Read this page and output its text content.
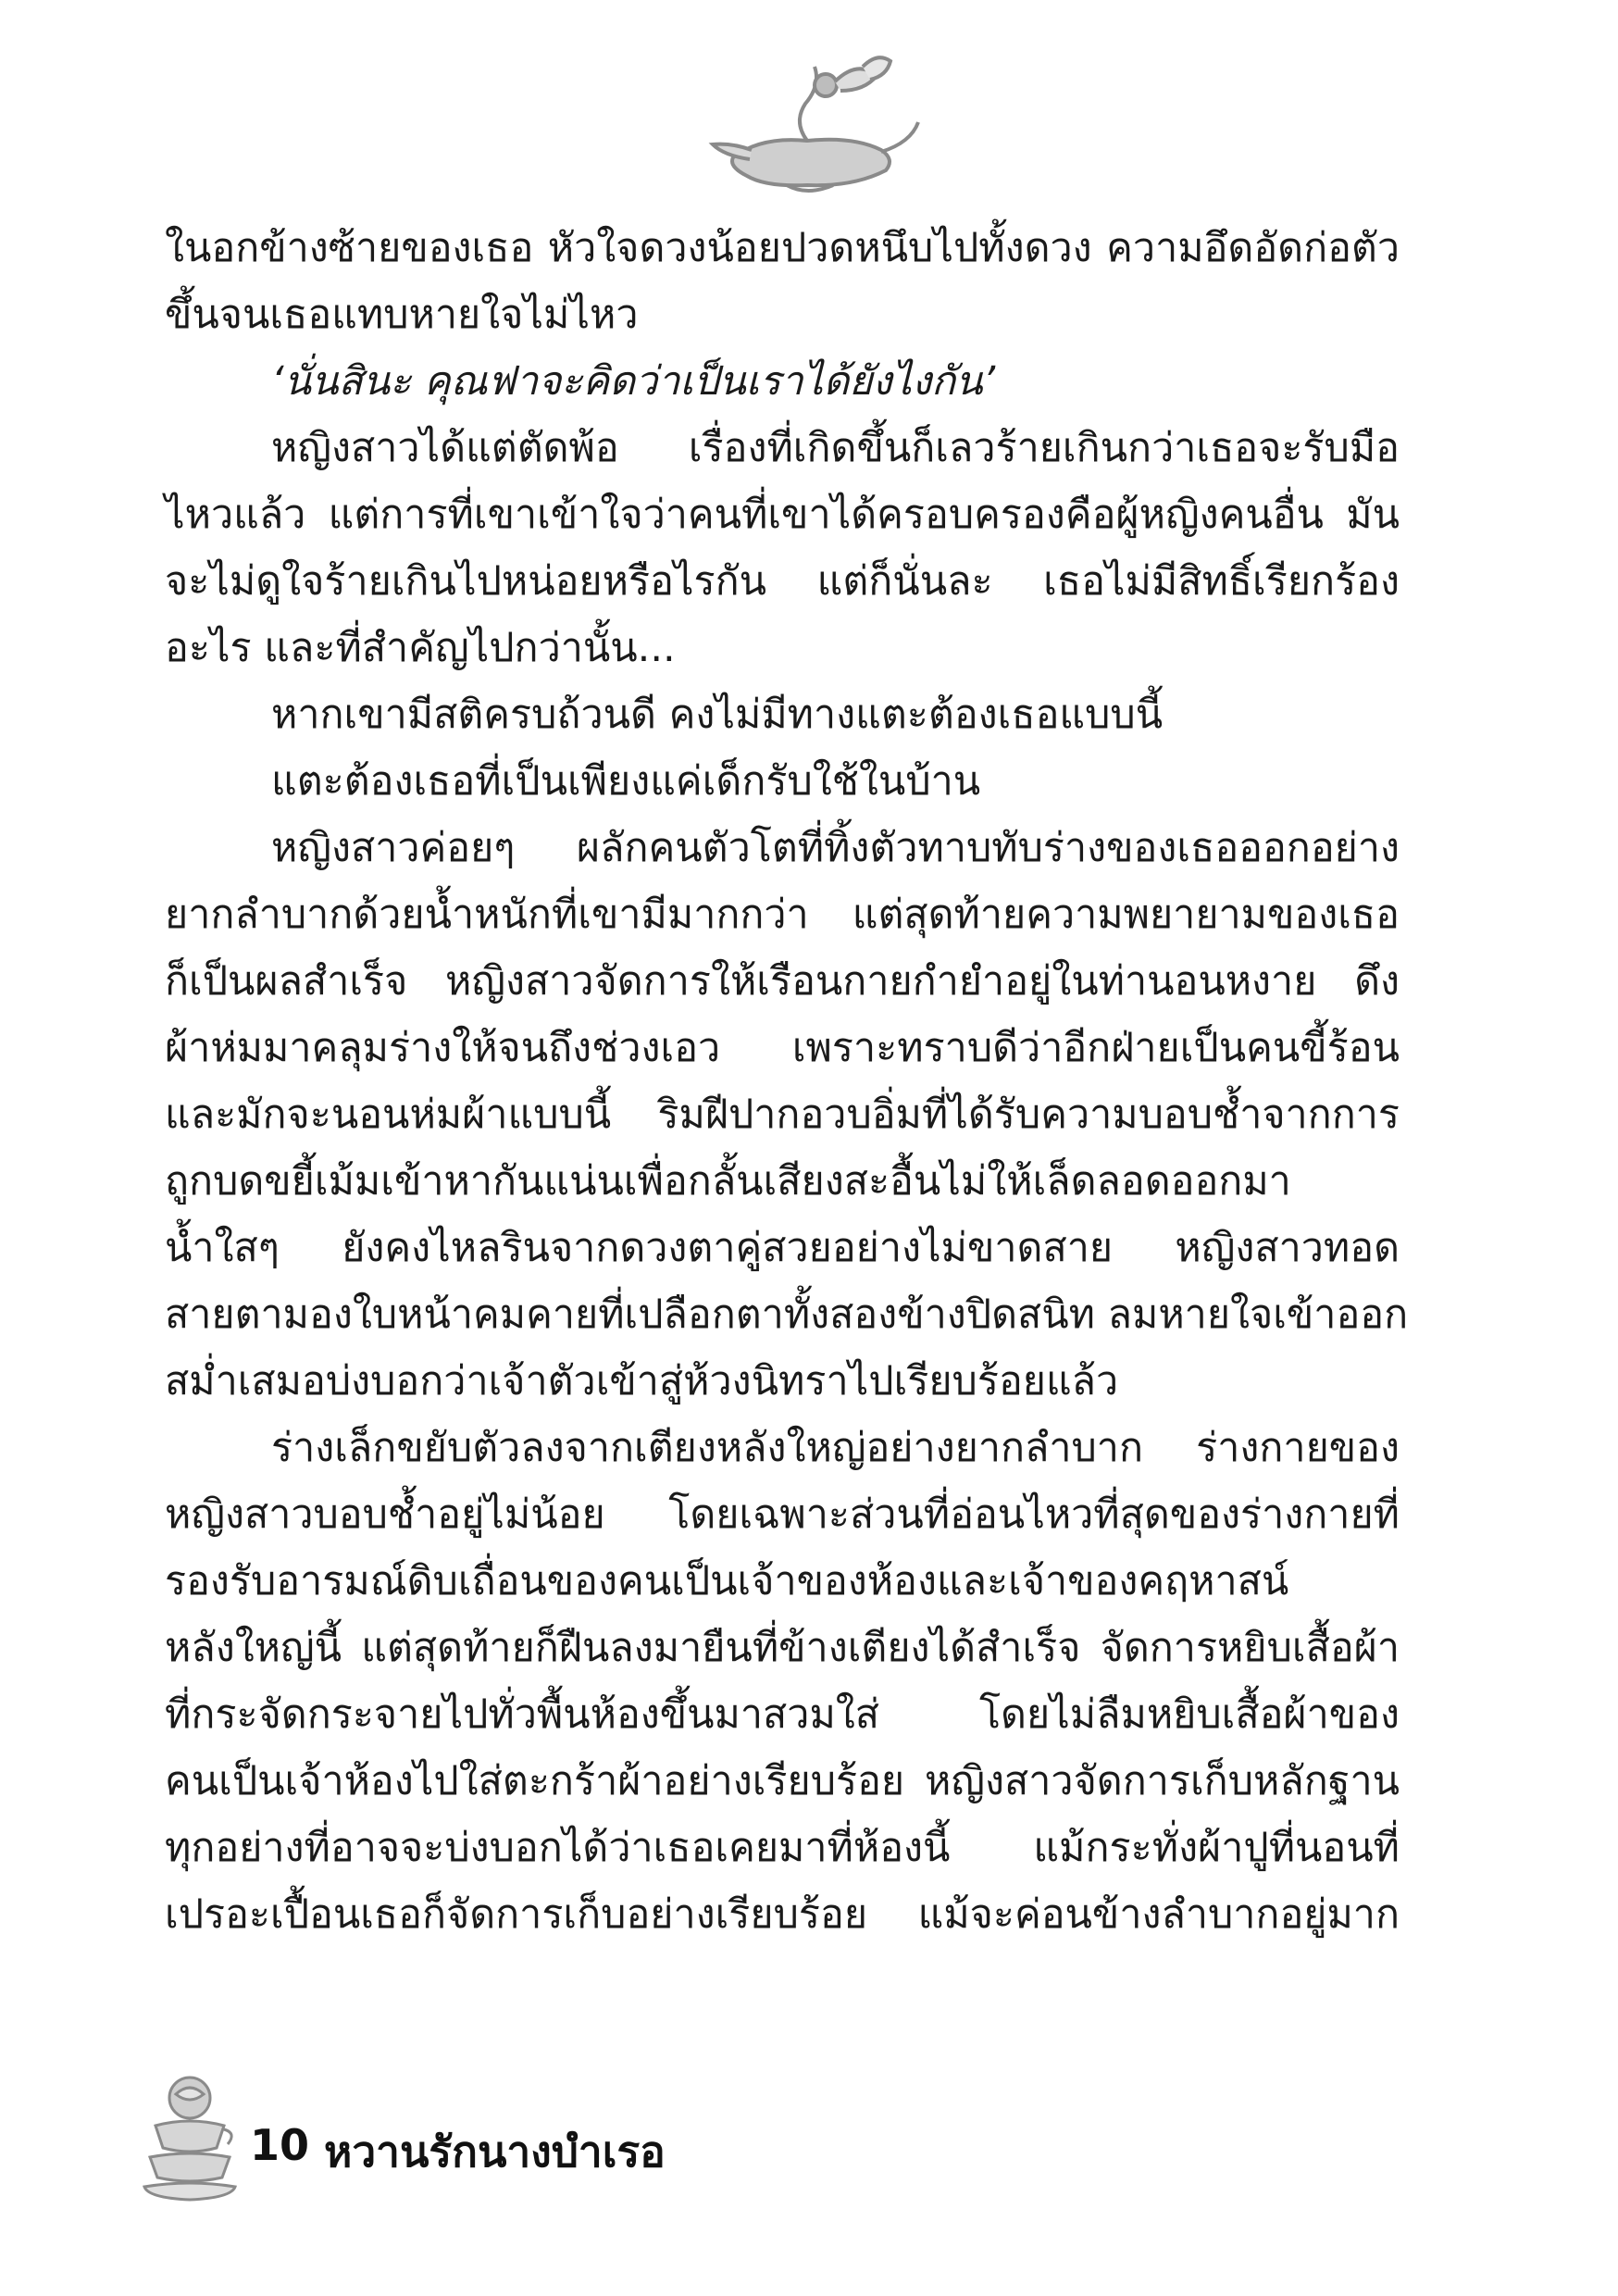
ในอกข้างซ้ายของเธอ หัวใจดวงน้อยปวดหนึบไปทั้งดวง ความอึดอัดก่อตัว
ขึ้นจนเธอแทบหายใจไม่ไหว
‘นั่นสินะ คุณฟาจะคิดว่าเป็นเราได้ยังไงกัน’
หญิงสาวได้แต่ตัดพ้อ เรื่องที่เกิดขึ้นก็เลวร้ายเกินกว่าเธอจะรับมือ
ไหวแล้ว แต่การที่เขาเข้าใจว่าคนที่เขาได้ครอบครองคือผู้หญิงคนอื่น มัน
จะไม่ดูใจร้ายเกินไปหน่อยหรือไรกัน แต่ก็นั่นละ เธอไม่มีสิทธิ์เรียกร้อง
อะไร และที่สำคัญไปกว่านั้น...
หากเขามีสติครบถ้วนดี คงไม่มีทางแตะต้องเธอแบบนี้
แตะต้องเธอที่เป็นเพียงแค่เด็กรับใช้ในบ้าน
หญิงสาวค่อยๆ ผลักคนตัวโตที่ทิ้งตัวทาบทับร่างของเธอออกอย่าง
ยากลำบากด้วยน้ำหนักที่เขามีมากกว่า แต่สุดท้ายความพยายามของเธอ
ก็เป็นผลสำเร็จ หญิงสาวจัดการให้เรือนกายกำยำอยู่ในท่านอนหงาย ดึง
ผ้าห่มมาคลุมร่างให้จนถึงช่วงเอว เพราะทราบดีว่าอีกฝ่ายเป็นคนขี้ร้อน
และมักจะนอนห่มผ้าแบบนี้ ริมฝีปากอวบอิ่มที่ได้รับความบอบช้ำจากการ
ถูกบดขยี้เม้มเข้าหากันแน่นเพื่อกลั้นเสียงสะอื้นไม่ให้เล็ดลอดออกมา
น้ำใสๆ ยังคงไหลรินจากดวงตาคู่สวยอย่างไม่ขาดสาย หญิงสาวทอด
สายตามองใบหน้าคมคายที่เปลือกตาทั้งสองข้างปิดสนิท ลมหายใจเข้าออก
สม่ำเสมอบ่งบอกว่าเจ้าตัวเข้าสู่ห้วงนิทราไปเรียบร้อยแล้ว
ร่างเล็กขยับตัวลงจากเตียงหลังใหญ่อย่างยากลำบาก ร่างกายของ
หญิงสาวบอบช้ำอยู่ไม่น้อย โดยเฉพาะส่วนที่อ่อนไหวที่สุดของร่างกายที่
รองรับอารมณ์ดิบเถื่อนของคนเป็นเจ้าของห้องและเจ้าของคฤหาสน์
หลังใหญ่นี้ แต่สุดท้ายก็ฝืนลงมายืนที่ข้างเตียงได้สำเร็จ จัดการหยิบเสื้อผ้า
ที่กระจัดกระจายไปทั่วพื้นห้องขึ้นมาสวมใส่ โดยไม่ลืมหยิบเสื้อผ้าของ
คนเป็นเจ้าห้องไปใส่ตะกร้าผ้าอย่างเรียบร้อย หญิงสาวจัดการเก็บหลักฐาน
ทุกอย่างที่อาจจะบ่งบอกได้ว่าเธอเคยมาที่ห้องนี้ แม้กระทั่งผ้าปูที่นอนที่
เปรอะเปื้อนเธอก็จัดการเก็บอย่างเรียบร้อย แม้จะค่อนข้างลำบากอยู่มาก
10 หวานรักนางบำเรอ
